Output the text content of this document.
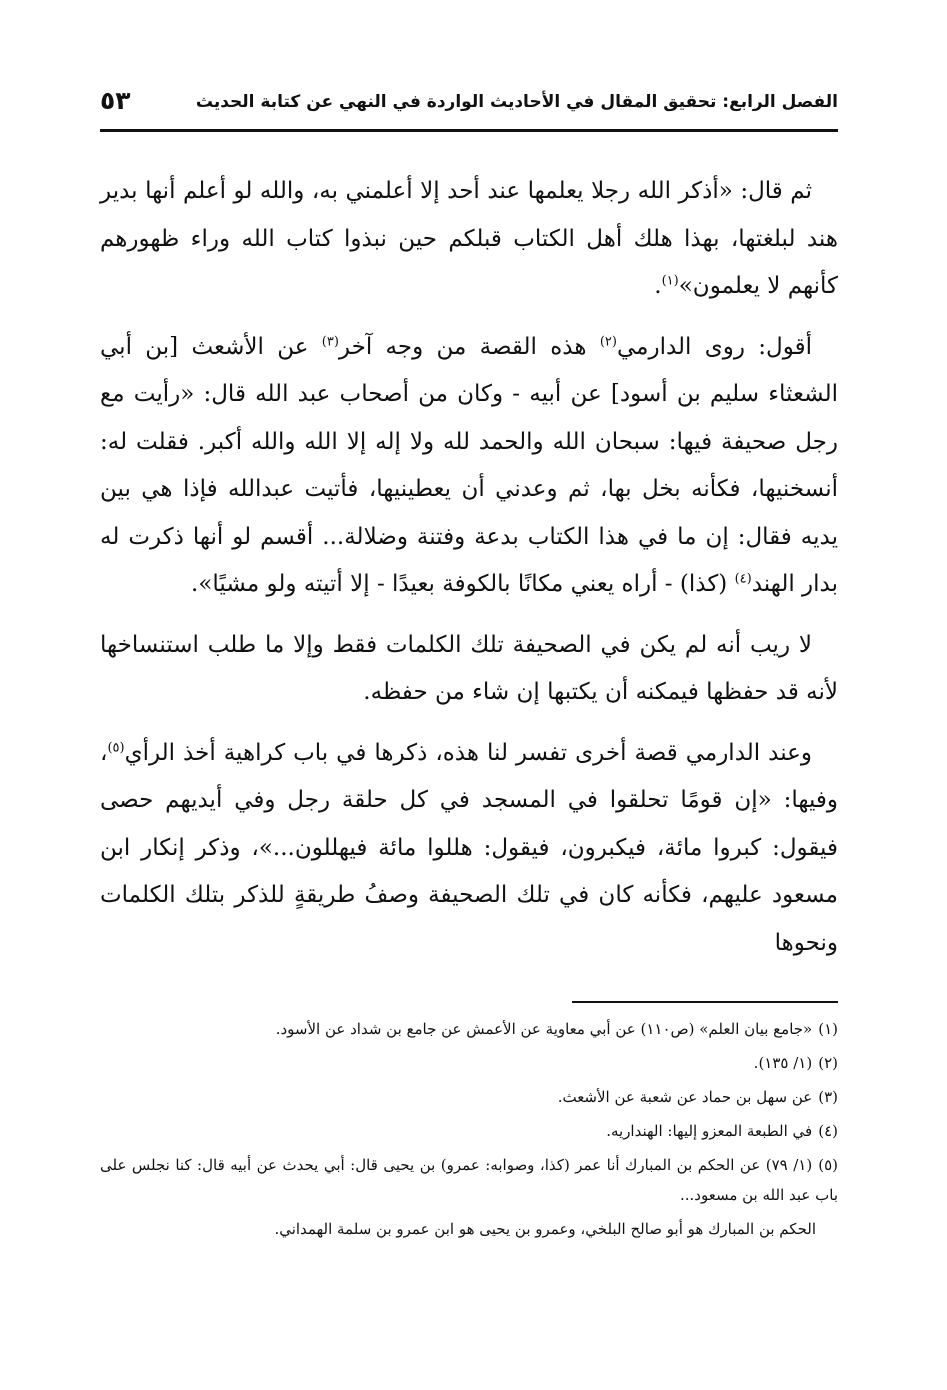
الفصل الرابع: تحقيق المقال في الأحاديث الواردة في النهي عن كتابة الحديث
٥٣

ثم قال: «أذكر الله رجلا يعلمها عند أحد إلا أعلمني به، والله لو أعلم أنها بدير هند لبلغتها، بهذا هلك أهل الكتاب قبلكم حين نبذوا كتاب الله وراء ظهورهم كأنهم لا يعلمون»$^{(١)}$.

أقول: روى الدارمي$^{(٢)}$ هذه القصة من وجه آخر$^{(٣)}$ عن الأشعث [بن أبي الشعثاء سليم بن أسود] عن أبيه - وكان من أصحاب عبد الله قال: «رأيت مع رجل صحيفة فيها: سبحان الله والحمد لله ولا إله إلا الله والله أكبر. فقلت له: أنسخنيها، فكأنه بخل بها، ثم وعدني أن يعطينيها، فأتيت عبدالله فإذا هي بين يديه فقال: إن ما في هذا الكتاب بدعة وفتنة وضلالة... أقسم لو أنها ذكرت له بدار الهند$^{(٤)}$ (كذا) - أراه يعني مكانًا بالكوفة بعيدًا - إلا أتيته ولو مشيًا».

لا ريب أنه لم يكن في الصحيفة تلك الكلمات فقط وإلا ما طلب استنساخها لأنه قد حفظها فيمكنه أن يكتبها إن شاء من حفظه.

وعند الدارمي قصة أخرى تفسر لنا هذه، ذكرها في باب كراهية أخذ الرأي$^{(٥)}$، وفيها: «إن قومًا تحلقوا في المسجد في كل حلقة رجل وفي أيديهم حصى فيقول: كبروا مائة، فيكبرون، فيقول: هللوا مائة فيهللون...»، وذكر إنكار ابن مسعود عليهم، فكأنه كان في تلك الصحيفة وصفُ طريقةٍ للذكر بتلك الكلمات ونحوها

(١)«جامع بيان العلم» (ص١١٠) عن أبي معاوية عن الأعمش عن جامع بن شداد عن الأسود.
(٢)(١/ ١٣٥).
(٣)عن سهل بن حماد عن شعبة عن الأشعث.
(٤)في الطبعة المعزو إليها: الهنداريه.
(٥)(١/ ٧٩) عن الحكم بن المبارك أنا عمر (كذا، وصوابه: عمرو) بن يحيى قال: أبي يحدث عن أبيه قال: كنا نجلس على باب عبد الله بن مسعود...
الحكم بن المبارك هو أبو صالح البلخي، وعمرو بن يحيى هو ابن عمرو بن سلمة الهمداني.
